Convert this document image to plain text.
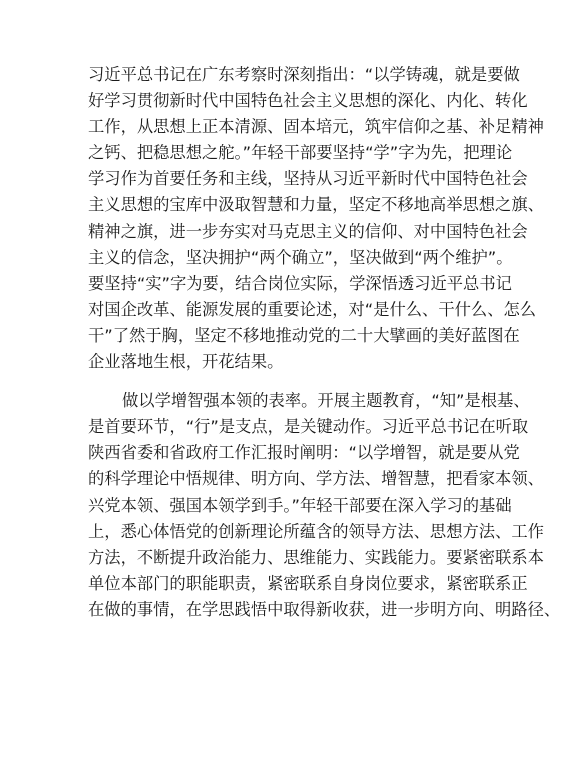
习近平总书记在广东考察时深刻指出：“以学铸魂，就是要做
好学习贯彻新时代中国特色社会主义思想的深化、内化、转化
工作，从思想上正本清源、固本培元，筑牢信仰之基、补足精神
之钙、把稳思想之舵。”年轻干部要坚持“学”字为先，把理论
学习作为首要任务和主线，坚持从习近平新时代中国特色社会
主义思想的宝库中汲取智慧和力量，坚定不移地高举思想之旗、
精神之旗，进一步夯实对马克思主义的信仰、对中国特色社会
主义的信念，坚决拥护“两个确立”，坚决做到“两个维护”。
要坚持“实”字为要，结合岗位实际，学深悟透习近平总书记
对国企改革、能源发展的重要论述，对“是什么、干什么、怎么
干”了然于胸，坚定不移地推动党的二十大擘画的美好蓝图在
企业落地生根，开花结果。
做以学增智强本领的表率。开展主题教育，“知”是根基、
是首要环节，“行”是支点，是关键动作。习近平总书记在听取
陕西省委和省政府工作汇报时阐明：“以学增智，就是要从党
的科学理论中悟规律、明方向、学方法、增智慧，把看家本领、
兴党本领、强国本领学到手。”年轻干部要在深入学习的基础
上，悉心体悟党的创新理论所蕴含的领导方法、思想方法、工作
方法，不断提升政治能力、思维能力、实践能力。要紧密联系本
单位本部门的职能职责，紧密联系自身岗位要求，紧密联系正
在做的事情，在学思践悟中取得新收获，进一步明方向、明路径、
